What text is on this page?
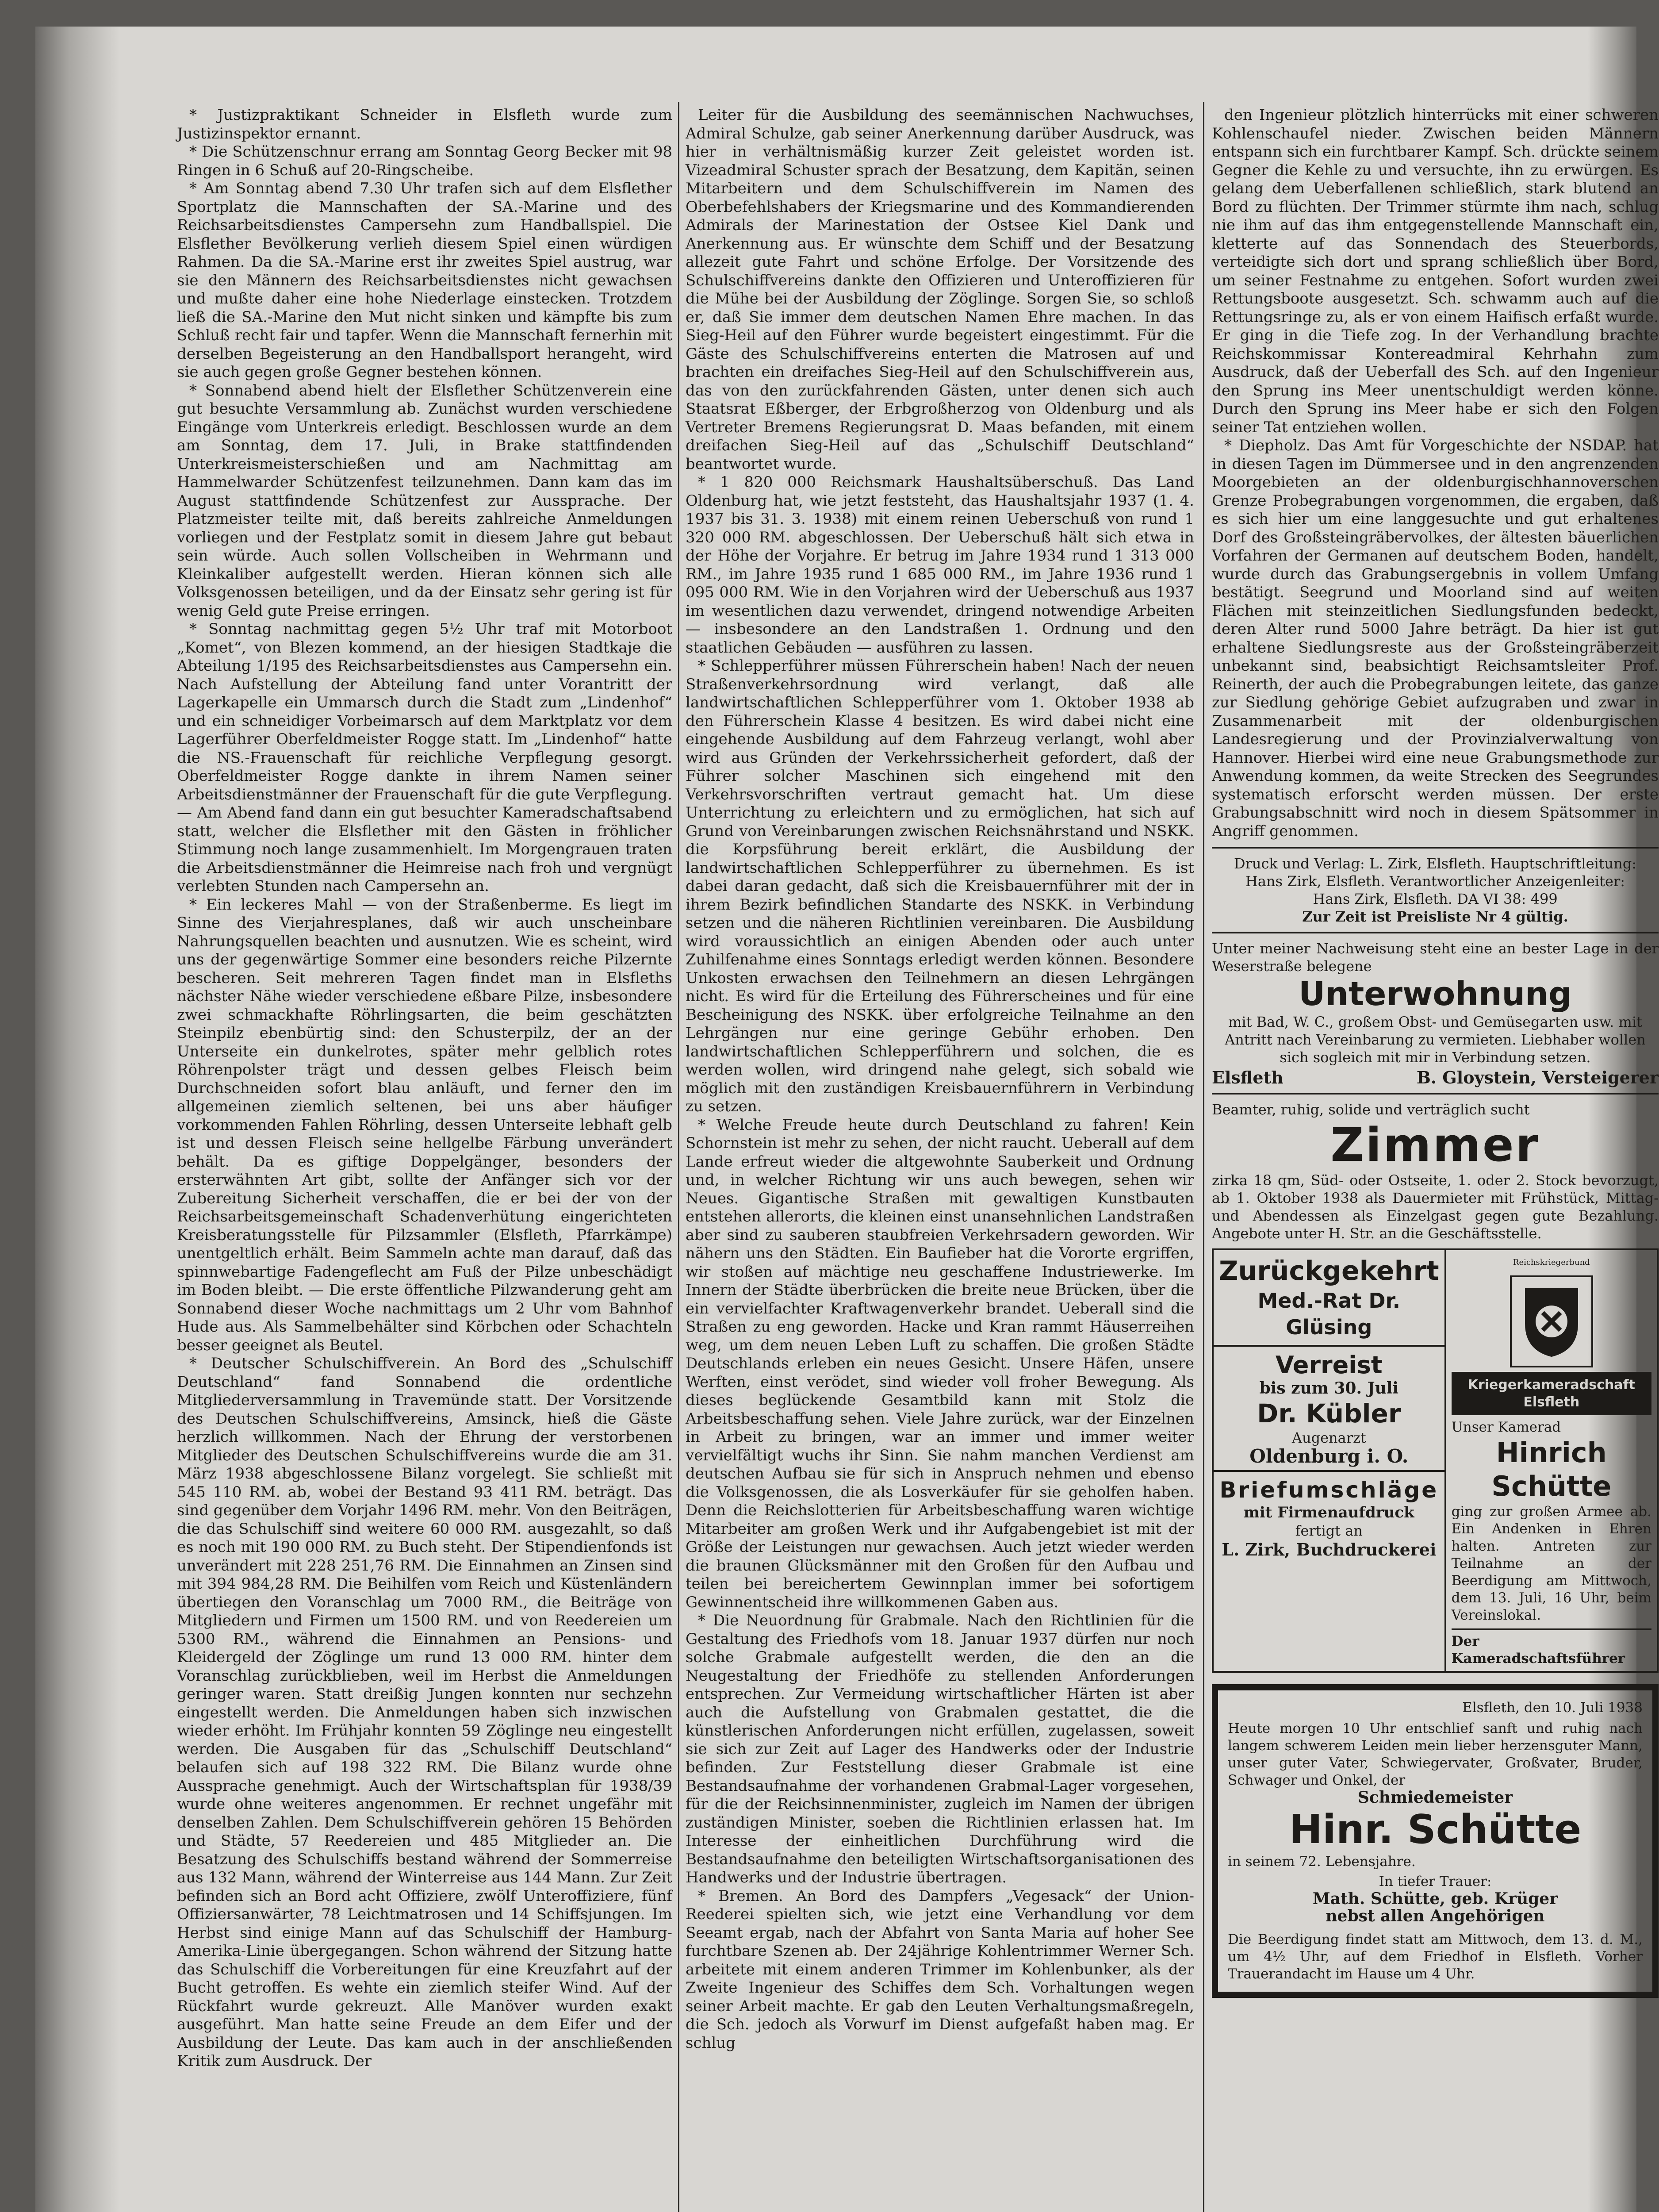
* Justizpraktikant Schneider in Elsfleth wurde zum Justizinspektor ernannt.

* Die Schützenschnur errang am Sonntag Georg Becker mit 98 Ringen in 6 Schuß auf 20-Ringscheibe.

* Am Sonntag abend 7.30 Uhr trafen sich auf dem Elsflether Sportplatz die Mannschaften der SA.-Marine und des Reichsarbeitsdienstes Campersehn zum Handballspiel. Die Elsflether Bevölkerung verlieh diesem Spiel einen würdigen Rahmen. Da die SA.-Marine erst ihr zweites Spiel austrug, war sie den Männern des Reichsarbeitsdienstes nicht gewachsen und mußte daher eine hohe Niederlage einstecken. Trotzdem ließ die SA.-Marine den Mut nicht sinken und kämpfte bis zum Schluß recht fair und tapfer. Wenn die Mannschaft fernerhin mit derselben Begeisterung an den Handballsport herangeht, wird sie auch gegen große Gegner bestehen können.

* Sonnabend abend hielt der Elsflether Schützenverein eine gut besuchte Versammlung ab. Zunächst wurden verschiedene Eingänge vom Unterkreis erledigt. Beschlossen wurde an dem am Sonntag, dem 17. Juli, in Brake stattfindenden Unterkreismeisterschießen und am Nachmittag am Hammelwarder Schützenfest teilzunehmen. Dann kam das im August stattfindende Schützenfest zur Aussprache. Der Platzmeister teilte mit, daß bereits zahlreiche Anmeldungen vorliegen und der Festplatz somit in diesem Jahre gut bebaut sein würde. Auch sollen Vollscheiben in Wehrmann und Kleinkaliber aufgestellt werden. Hieran können sich alle Volksgenossen beteiligen, und da der Einsatz sehr gering ist für wenig Geld gute Preise erringen.

* Sonntag nachmittag gegen 5½ Uhr traf mit Motorboot „Komet“, von Blezen kommend, an der hiesigen Stadtkaje die Abteilung 1/195 des Reichsarbeitsdienstes aus Campersehn ein. Nach Aufstellung der Abteilung fand unter Vorantritt der Lagerkapelle ein Ummarsch durch die Stadt zum „Lindenhof“ und ein schneidiger Vorbeimarsch auf dem Marktplatz vor dem Lagerführer Oberfeldmeister Rogge statt. Im „Lindenhof“ hatte die NS.-Frauenschaft für reichliche Verpflegung gesorgt. Oberfeldmeister Rogge dankte in ihrem Namen seiner Arbeitsdienstmänner der Frauenschaft für die gute Verpflegung. — Am Abend fand dann ein gut besuchter Kameradschaftsabend statt, welcher die Elsflether mit den Gästen in fröhlicher Stimmung noch lange zusammenhielt. Im Morgengrauen traten die Arbeitsdienstmänner die Heimreise nach froh und vergnügt verlebten Stunden nach Campersehn an.

* Ein leckeres Mahl — von der Straßenberme. Es liegt im Sinne des Vierjahresplanes, daß wir auch unscheinbare Nahrungsquellen beachten und ausnutzen. Wie es scheint, wird uns der gegenwärtige Sommer eine besonders reiche Pilzernte bescheren. Seit mehreren Tagen findet man in Elsfleths nächster Nähe wieder verschiedene eßbare Pilze, insbesondere zwei schmackhafte Röhrlingsarten, die beim geschätzten Steinpilz ebenbürtig sind: den Schusterpilz, der an der Unterseite ein dunkelrotes, später mehr gelblich rotes Röhrenpolster trägt und dessen gelbes Fleisch beim Durchschneiden sofort blau anläuft, und ferner den im allgemeinen ziemlich seltenen, bei uns aber häufiger vorkommenden Fahlen Röhrling, dessen Unterseite lebhaft gelb ist und dessen Fleisch seine hellgelbe Färbung unverändert behält. Da es giftige Doppelgänger, besonders der ersterwähnten Art gibt, sollte der Anfänger sich vor der Zubereitung Sicherheit verschaffen, die er bei der von der Reichsarbeitsgemeinschaft Schadenverhütung eingerichteten Kreisberatungsstelle für Pilzsammler (Elsfleth, Pfarrkämpe) unentgeltlich erhält. Beim Sammeln achte man darauf, daß das spinnwebartige Fadengeflecht am Fuß der Pilze unbeschädigt im Boden bleibt. — Die erste öffentliche Pilzwanderung geht am Sonnabend dieser Woche nachmittags um 2 Uhr vom Bahnhof Hude aus. Als Sammelbehälter sind Körbchen oder Schachteln besser geeignet als Beutel.

* Deutscher Schulschiffverein. An Bord des „Schulschiff Deutschland“ fand Sonnabend die ordentliche Mitgliederversammlung in Travemünde statt. Der Vorsitzende des Deutschen Schulschiffvereins, Amsinck, hieß die Gäste herzlich willkommen. Nach der Ehrung der verstorbenen Mitglieder des Deutschen Schulschiffvereins wurde die am 31. März 1938 abgeschlossene Bilanz vorgelegt. Sie schließt mit 545 110 RM. ab, wobei der Bestand 93 411 RM. beträgt. Das sind gegenüber dem Vorjahr 1496 RM. mehr. Von den Beiträgen, die das Schulschiff sind weitere 60 000 RM. ausgezahlt, so daß es noch mit 190 000 RM. zu Buch steht. Der Stipendienfonds ist unverändert mit 228 251,76 RM. Die Einnahmen an Zinsen sind mit 394 984,28 RM. Die Beihilfen vom Reich und Küstenländern übertiegen den Voranschlag um 7000 RM., die Beiträge von Mitgliedern und Firmen um 1500 RM. und von Reedereien um 5300 RM., während die Einnahmen an Pensions- und Kleidergeld der Zöglinge um rund 13 000 RM. hinter dem Voranschlag zurückblieben, weil im Herbst die Anmeldungen geringer waren. Statt dreißig Jungen konnten nur sechzehn eingestellt werden. Die Anmeldungen haben sich inzwischen wieder erhöht. Im Frühjahr konnten 59 Zöglinge neu eingestellt werden. Die Ausgaben für das „Schulschiff Deutschland“ belaufen sich auf 198 322 RM. Die Bilanz wurde ohne Aussprache genehmigt. Auch der Wirtschaftsplan für 1938/39 wurde ohne weiteres angenommen. Er rechnet ungefähr mit denselben Zahlen. Dem Schulschiffverein gehören 15 Behörden und Städte, 57 Reedereien und 485 Mitglieder an. Die Besatzung des Schulschiffs bestand während der Sommerreise aus 132 Mann, während der Winterreise aus 144 Mann. Zur Zeit befinden sich an Bord acht Offiziere, zwölf Unteroffiziere, fünf Offiziersanwärter, 78 Leichtmatrosen und 14 Schiffsjungen. Im Herbst sind einige Mann auf das Schulschiff der Hamburg-Amerika-Linie übergegangen. Schon während der Sitzung hatte das Schulschiff die Vorbereitungen für eine Kreuzfahrt auf der Bucht getroffen. Es wehte ein ziemlich steifer Wind. Auf der Rückfahrt wurde gekreuzt. Alle Manöver wurden exakt ausgeführt. Man hatte seine Freude an dem Eifer und der Ausbildung der Leute. Das kam auch in der anschließenden Kritik zum Ausdruck. Der

Leiter für die Ausbildung des seemännischen Nachwuchses, Admiral Schulze, gab seiner Anerkennung darüber Ausdruck, was hier in verhältnismäßig kurzer Zeit geleistet worden ist. Vizeadmiral Schuster sprach der Besatzung, dem Kapitän, seinen Mitarbeitern und dem Schulschiffverein im Namen des Oberbefehlshabers der Kriegsmarine und des Kommandierenden Admirals der Marinestation der Ostsee Kiel Dank und Anerkennung aus. Er wünschte dem Schiff und der Besatzung allezeit gute Fahrt und schöne Erfolge. Der Vorsitzende des Schulschiffvereins dankte den Offizieren und Unteroffizieren für die Mühe bei der Ausbildung der Zöglinge. Sorgen Sie, so schloß er, daß Sie immer dem deutschen Namen Ehre machen. In das Sieg-Heil auf den Führer wurde begeistert eingestimmt. Für die Gäste des Schulschiffvereins enterten die Matrosen auf und brachten ein dreifaches Sieg-Heil auf den Schulschiffverein aus, das von den zurückfahrenden Gästen, unter denen sich auch Staatsrat Eßberger, der Erbgroßherzog von Oldenburg und als Vertreter Bremens Regierungsrat D. Maas befanden, mit einem dreifachen Sieg-Heil auf das „Schulschiff Deutschland“ beantwortet wurde.

* 1 820 000 Reichsmark Haushaltsüberschuß. Das Land Oldenburg hat, wie jetzt feststeht, das Haushaltsjahr 1937 (1. 4. 1937 bis 31. 3. 1938) mit einem reinen Ueberschuß von rund 1 320 000 RM. abgeschlossen. Der Ueberschuß hält sich etwa in der Höhe der Vorjahre. Er betrug im Jahre 1934 rund 1 313 000 RM., im Jahre 1935 rund 1 685 000 RM., im Jahre 1936 rund 1 095 000 RM. Wie in den Vorjahren wird der Ueberschuß aus 1937 im wesentlichen dazu verwendet, dringend notwendige Arbeiten — insbesondere an den Landstraßen 1. Ordnung und den staatlichen Gebäuden — ausführen zu lassen.

* Schlepperführer müssen Führerschein haben! Nach der neuen Straßenverkehrsordnung wird verlangt, daß alle landwirtschaftlichen Schlepperführer vom 1. Oktober 1938 ab den Führerschein Klasse 4 besitzen. Es wird dabei nicht eine eingehende Ausbildung auf dem Fahrzeug verlangt, wohl aber wird aus Gründen der Verkehrssicherheit gefordert, daß der Führer solcher Maschinen sich eingehend mit den Verkehrsvorschriften vertraut gemacht hat. Um diese Unterrichtung zu erleichtern und zu ermöglichen, hat sich auf Grund von Vereinbarungen zwischen Reichsnährstand und NSKK. die Korpsführung bereit erklärt, die Ausbildung der landwirtschaftlichen Schlepperführer zu übernehmen. Es ist dabei daran gedacht, daß sich die Kreisbauernführer mit der in ihrem Bezirk befindlichen Standarte des NSKK. in Verbindung setzen und die näheren Richtlinien vereinbaren. Die Ausbildung wird voraussichtlich an einigen Abenden oder auch unter Zuhilfenahme eines Sonntags erledigt werden können. Besondere Unkosten erwachsen den Teilnehmern an diesen Lehrgängen nicht. Es wird für die Erteilung des Führerscheines und für eine Bescheinigung des NSKK. über erfolgreiche Teilnahme an den Lehrgängen nur eine geringe Gebühr erhoben. Den landwirtschaftlichen Schlepperführern und solchen, die es werden wollen, wird dringend nahe gelegt, sich sobald wie möglich mit den zuständigen Kreisbauernführern in Verbindung zu setzen.

* Welche Freude heute durch Deutschland zu fahren! Kein Schornstein ist mehr zu sehen, der nicht raucht. Ueberall auf dem Lande erfreut wieder die altgewohnte Sauberkeit und Ordnung und, in welcher Richtung wir uns auch bewegen, sehen wir Neues. Gigantische Straßen mit gewaltigen Kunstbauten entstehen allerorts, die kleinen einst unansehnlichen Landstraßen aber sind zu sauberen staubfreien Verkehrsadern geworden. Wir nähern uns den Städten. Ein Baufieber hat die Vororte ergriffen, wir stoßen auf mächtige neu geschaffene Industriewerke. Im Innern der Städte überbrücken die breite neue Brücken, über die ein vervielfachter Kraftwagenverkehr brandet. Ueberall sind die Straßen zu eng geworden. Hacke und Kran rammt Häuserreihen weg, um dem neuen Leben Luft zu schaffen. Die großen Städte Deutschlands erleben ein neues Gesicht. Unsere Häfen, unsere Werften, einst verödet, sind wieder voll froher Bewegung. Als dieses beglückende Gesamtbild kann mit Stolz die Arbeitsbeschaffung sehen. Viele Jahre zurück, war der Einzelnen in Arbeit zu bringen, war an immer und immer weiter vervielfältigt wuchs ihr Sinn. Sie nahm manchen Verdienst am deutschen Aufbau sie für sich in Anspruch nehmen und ebenso die Volksgenossen, die als Losverkäufer für sie geholfen haben. Denn die Reichslotterien für Arbeitsbeschaffung waren wichtige Mitarbeiter am großen Werk und ihr Aufgabengebiet ist mit der Größe der Leistungen nur gewachsen. Auch jetzt wieder werden die braunen Glücksmänner mit den Großen für den Aufbau und teilen bei bereichertem Gewinnplan immer bei sofortigem Gewinnentscheid ihre willkommenen Gaben aus.

* Die Neuordnung für Grabmale. Nach den Richtlinien für die Gestaltung des Friedhofs vom 18. Januar 1937 dürfen nur noch solche Grabmale aufgestellt werden, die den an die Neugestaltung der Friedhöfe zu stellenden Anforderungen entsprechen. Zur Vermeidung wirtschaftlicher Härten ist aber auch die Aufstellung von Grabmalen gestattet, die die künstlerischen Anforderungen nicht erfüllen, zugelassen, soweit sie sich zur Zeit auf Lager des Handwerks oder der Industrie befinden. Zur Feststellung dieser Grabmale ist eine Bestandsaufnahme der vorhandenen Grabmal-Lager vorgesehen, für die der Reichsinnenminister, zugleich im Namen der übrigen zuständigen Minister, soeben die Richtlinien erlassen hat. Im Interesse der einheitlichen Durchführung wird die Bestandsaufnahme den beteiligten Wirtschaftsorganisationen des Handwerks und der Industrie übertragen.

* Bremen. An Bord des Dampfers „Vegesack“ der Union-Reederei spielten sich, wie jetzt eine Verhandlung vor dem Seeamt ergab, nach der Abfahrt von Santa Maria auf hoher See furchtbare Szenen ab. Der 24jährige Kohlentrimmer Werner Sch. arbeitete mit einem anderen Trimmer im Kohlenbunker, als der Zweite Ingenieur des Schiffes dem Sch. Vorhaltungen wegen seiner Arbeit machte. Er gab den Leuten Verhaltungsmaßregeln, die Sch. jedoch als Vorwurf im Dienst aufgefaßt haben mag. Er schlug

den Ingenieur plötzlich hinterrücks mit einer schweren Kohlenschaufel nieder. Zwischen beiden Männern entspann sich ein furchtbarer Kampf. Sch. drückte seinem Gegner die Kehle zu und versuchte, ihn zu erwürgen. Es gelang dem Ueberfallenen schließlich, stark blutend an Bord zu flüchten. Der Trimmer stürmte ihm nach, schlug nie ihm auf das ihm entgegenstellende Mannschaft ein, kletterte auf das Sonnendach des Steuerbords, verteidigte sich dort und sprang schließlich über Bord, um seiner Festnahme zu entgehen. Sofort wurden zwei Rettungsboote ausgesetzt. Sch. schwamm auch auf die Rettungsringe zu, als er von einem Haifisch erfaßt wurde. Er ging in die Tiefe zog. In der Verhandlung brachte Reichskommissar Kontereadmiral Kehrhahn zum Ausdruck, daß der Ueberfall des Sch. auf den Ingenieur den Sprung ins Meer unentschuldigt werden könne. Durch den Sprung ins Meer habe er sich den Folgen seiner Tat entziehen wollen.

* Diepholz. Das Amt für Vorgeschichte der NSDAP. hat in diesen Tagen im Dümmersee und in den angrenzenden Moorgebieten an der oldenburgischhannoverschen Grenze Probegrabungen vorgenommen, die ergaben, daß es sich hier um eine langgesuchte und gut erhaltenes Dorf des Großsteingräbervolkes, der ältesten bäuerlichen Vorfahren der Germanen auf deutschem Boden, handelt, wurde durch das Grabungsergebnis in vollem Umfang bestätigt. Seegrund und Moorland sind auf weiten Flächen mit steinzeitlichen Siedlungsfunden bedeckt, deren Alter rund 5000 Jahre beträgt. Da hier ist gut erhaltene Siedlungsreste aus der Großsteingräberzeit unbekannt sind, beabsichtigt Reichsamtsleiter Prof. Reinerth, der auch die Probegrabungen leitete, das ganze zur Siedlung gehörige Gebiet aufzugraben und zwar in Zusammenarbeit mit der oldenburgischen Landesregierung und der Provinzialverwaltung von Hannover. Hierbei wird eine neue Grabungsmethode zur Anwendung kommen, da weite Strecken des Seegrundes systematisch erforscht werden müssen. Der erste Grabungsabschnitt wird noch in diesem Spätsommer in Angriff genommen.

Druck und Verlag: L. Zirk, Elsfleth. Hauptschriftleitung:
Hans Zirk, Elsfleth. Verantwortlicher Anzeigenleiter:
Hans Zirk, Elsfleth. DA VI 38: 499
Zur Zeit ist Preisliste Nr 4 gültig.
Unter meiner Nachweisung steht eine an bester Lage in der Weserstraße belegene
Unterwohnung
mit Bad, W. C., großem Obst- und Gemüsegarten usw. mit Antritt nach Vereinbarung zu vermieten. Liebhaber wollen sich sogleich mit mir in Verbindung setzen.
Elsfleth	B. Gloystein, Versteigerer
Beamter, ruhig, solide und verträglich sucht
Zimmer
zirka 18 qm, Süd- oder Ostseite, 1. oder 2. Stock bevorzugt, ab 1. Oktober 1938 als Dauermieter mit Frühstück, Mittag- und Abendessen als Einzelgast gegen gute Bezahlung. Angebote unter H. Str. an die Geschäftsstelle.
Zurückgekehrt
Med.-Rat Dr. Glüsing
Verreist
bis zum 30. Juli
Dr. Kübler
Augenarzt
Oldenburg i. O.
Briefumschläge
mit Firmenaufdruck
fertigt an
L. Zirk, Buchdruckerei
Reichskriegerbund
Kriegerkameradschaft Elsfleth
Unser Kamerad
Hinrich Schütte
ging zur großen Armee ab. Ein Andenken in Ehren halten. Antreten zur Teilnahme an der Beerdigung am Mittwoch, dem 13. Juli, 16 Uhr, beim Vereinslokal.
Der Kameradschaftsführer
Elsfleth, den 10. Juli 1938
Heute morgen 10 Uhr entschlief sanft und ruhig nach langem schwerem Leiden mein lieber herzensguter Mann, unser guter Vater, Schwiegervater, Großvater, Bruder, Schwager und Onkel, der
Schmiedemeister
Hinr. Schütte
in seinem 72. Lebensjahre.
In tiefer Trauer:
Math. Schütte, geb. Krüger
nebst allen Angehörigen
Die Beerdigung findet statt am Mittwoch, dem 13. d. M., um 4½ Uhr, auf dem Friedhof in Elsfleth. Vorher Trauerandacht im Hause um 4 Uhr.
